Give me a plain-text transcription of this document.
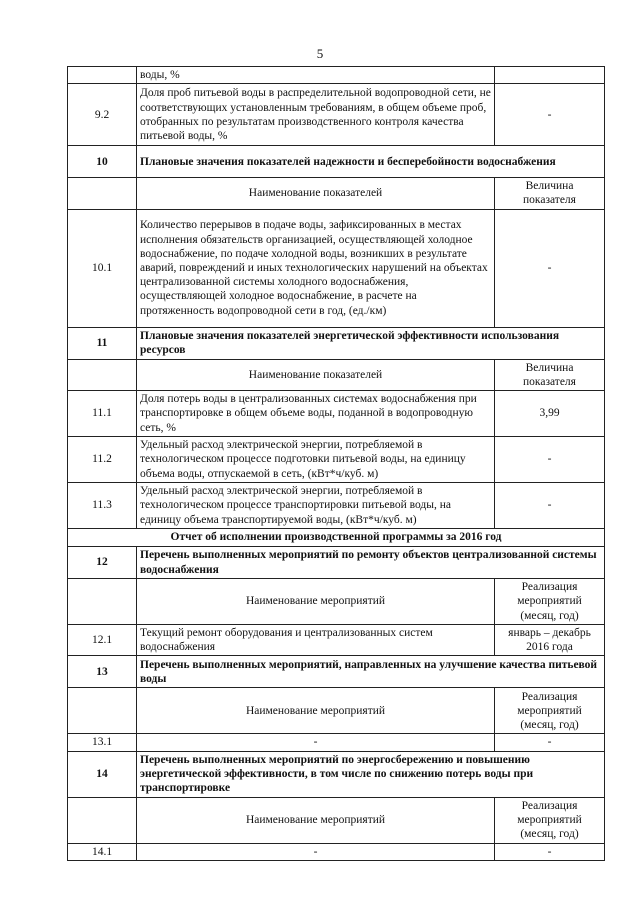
5
	воды, %	
9.2	Доля проб питьевой воды в распределительной водопроводной сети, не соответствующих установленным требованиям, в общем объеме проб, отобранных по результатам производственного контроля качества питьевой воды, %	-
10	Плановые значения показателей надежности и бесперебойности водоснабжения	
	Наименование показателей	Величина показателя
10.1	Количество перерывов в подаче воды, зафиксированных в местах исполнения обязательств организацией, осуществляющей холодное водоснабжение, по подаче холодной воды, возникших в результате аварий, повреждений и иных технологических нарушений на объектах централизованной системы холодного водоснабжения, осуществляющей холодное водоснабжение, в расчете на протяженность водопроводной сети в год, (ед./км)	-
11	Плановые значения показателей энергетической эффективности использования ресурсов	
	Наименование показателей	Величина показателя
11.1	Доля потерь воды в централизованных системах водоснабжения при транспортировке в общем объеме воды, поданной в водопроводную сеть, %	3,99
11.2	Удельный расход электрической энергии, потребляемой в технологическом процессе подготовки питьевой воды, на единицу объема воды, отпускаемой в сеть, (кВт*ч/куб. м)	-
11.3	Удельный расход электрической энергии, потребляемой в технологическом процессе транспортировки питьевой воды, на единицу объема транспортируемой воды, (кВт*ч/куб. м)	-
Отчет об исполнении производственной программы за 2016 год		
12	Перечень выполненных мероприятий по ремонту объектов централизованной системы водоснабжения	
	Наименование мероприятий	Реализация мероприятий (месяц, год)
12.1	Текущий ремонт оборудования и централизованных систем водоснабжения	январь – декабрь 2016 года
13	Перечень выполненных мероприятий, направленных на улучшение качества питьевой воды	
	Наименование мероприятий	Реализация мероприятий (месяц, год)
13.1	-	-
14	Перечень выполненных мероприятий по энергосбережению и повышению энергетической эффективности, в том числе по снижению потерь воды при транспортировке	
	Наименование мероприятий	Реализация мероприятий (месяц, год)
14.1	-	-
